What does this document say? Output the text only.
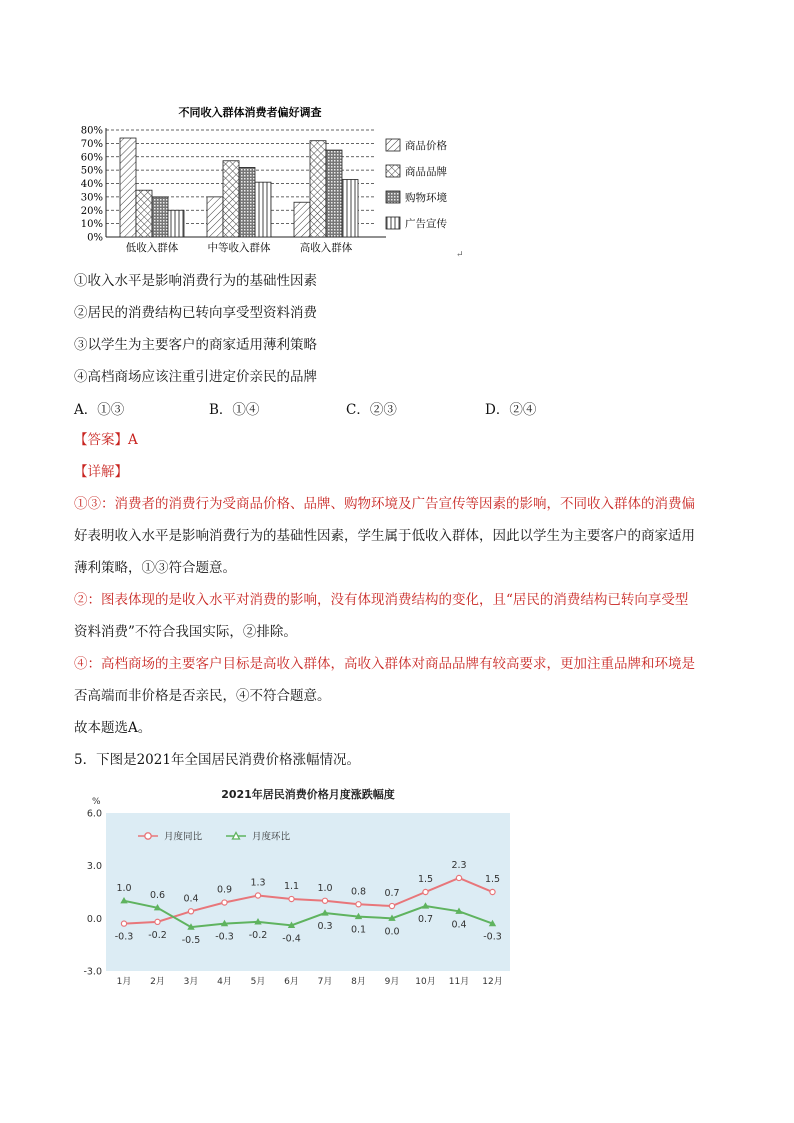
不同收入群体消费者偏好调查
0%
10%
20%
30%
40%
50%
60%
70%
80%
低收入群体	中等收入群体	高收入群体
商品价格
商品品牌
购物环境
广告宣传
↵
①收入水平是影响消费行为的基础性因素
②居民的消费结构已转向享受型资料消费
③以学生为主要客户的商家适用薄利策略
④高档商场应该注重引进定价亲民的品牌
A．①③	B．①④	C．②③	D．②④
【答案】A
【详解】
①③：消费者的消费行为受商品价格、品牌、购物环境及广告宣传等因素的影响，不同收入群体的消费偏
好表明收入水平是影响消费行为的基础性因素，学生属于低收入群体，因此以学生为主要客户的商家适用
薄利策略，①③符合题意。
②：图表体现的是收入水平对消费的影响，没有体现消费结构的变化，且“居民的消费结构已转向享受型
资料消费”不符合我国实际，②排除。
④：高档商场的主要客户目标是高收入群体，高收入群体对商品品牌有较高要求，更加注重品牌和环境是
否高端而非价格是否亲民，④不符合题意。
故本题选A。
5．下图是2021年全国居民消费价格涨幅情况。
2021年居民消费价格月度涨跌幅度
%
6.0
3.0
0.0
-3.0
1月 2月 3月 4月 5月 6月 7月 8月 9月 10月 11月 12月
月度同比	月度环比
-0.3
1.0
-0.2
0.6 0.4
-0.5
0.9
-0.3
1.3
-0.2
1.1
-0.4
1.0
0.3
0.8
0.1
0.7
0.0
1.5
0.7
2.3
0.4
1.5
-0.3
